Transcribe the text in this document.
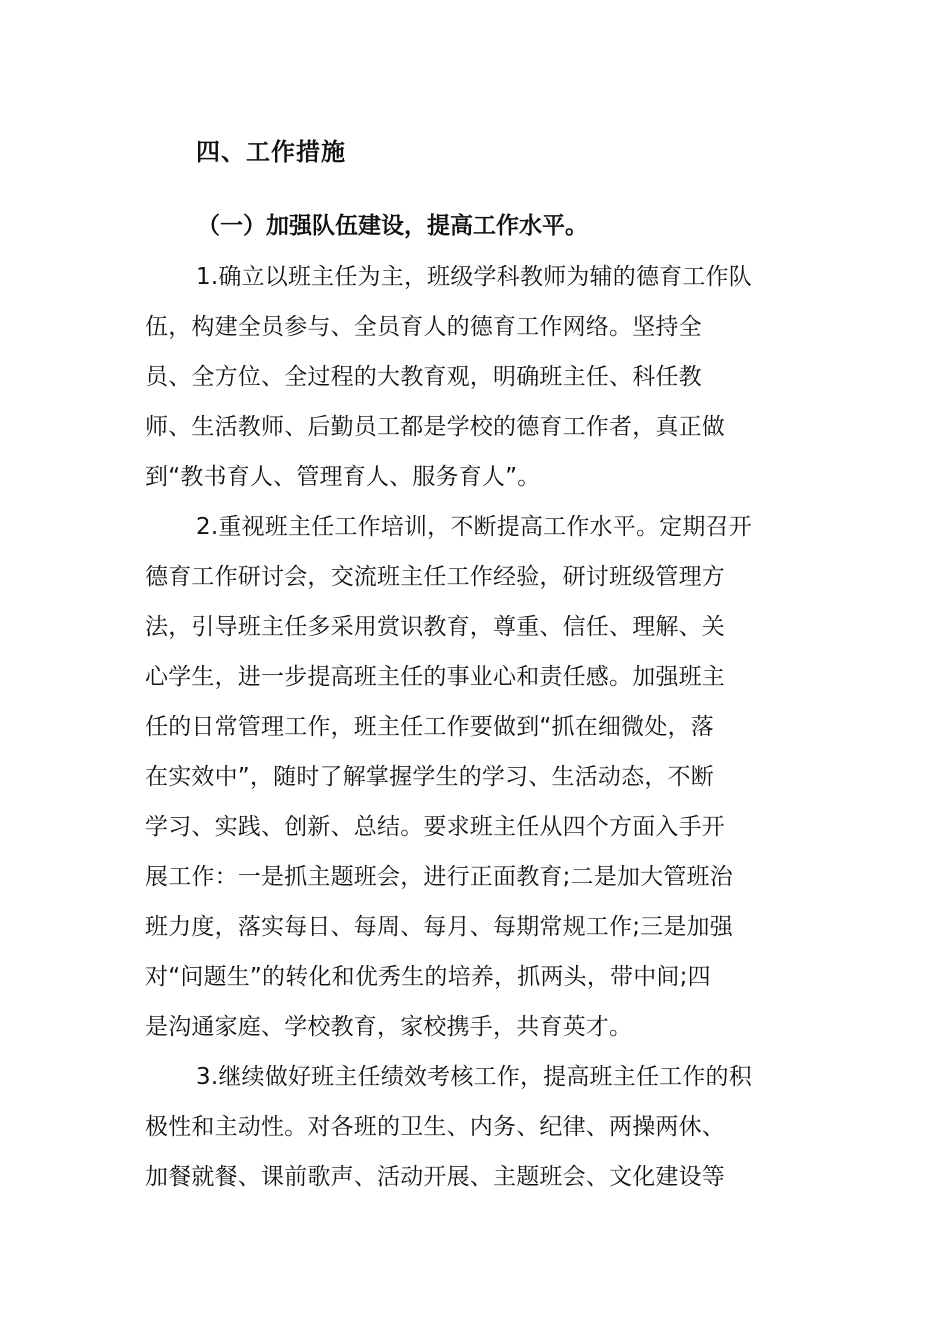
四、工作措施
（一）加强队伍建设，提高工作水平。
1.确立以班主任为主，班级学科教师为辅的德育工作队
伍，构建全员参与、全员育人的德育工作网络。坚持全
员、全方位、全过程的大教育观，明确班主任、科任教
师、生活教师、后勤员工都是学校的德育工作者，真正做
到“教书育人、管理育人、服务育人”。
2.重视班主任工作培训，不断提高工作水平。定期召开
德育工作研讨会，交流班主任工作经验，研讨班级管理方
法，引导班主任多采用赏识教育，尊重、信任、理解、关
心学生，进一步提高班主任的事业心和责任感。加强班主
任的日常管理工作，班主任工作要做到“抓在细微处，落
在实效中”，随时了解掌握学生的学习、生活动态，不断
学习、实践、创新、总结。要求班主任从四个方面入手开
展工作：一是抓主题班会，进行正面教育;二是加大管班治
班力度，落实每日、每周、每月、每期常规工作;三是加强
对“问题生”的转化和优秀生的培养，抓两头，带中间;四
是沟通家庭、学校教育，家校携手，共育英才。
3.继续做好班主任绩效考核工作，提高班主任工作的积
极性和主动性。对各班的卫生、内务、纪律、两操两休、
加餐就餐、课前歌声、活动开展、主题班会、文化建设等
